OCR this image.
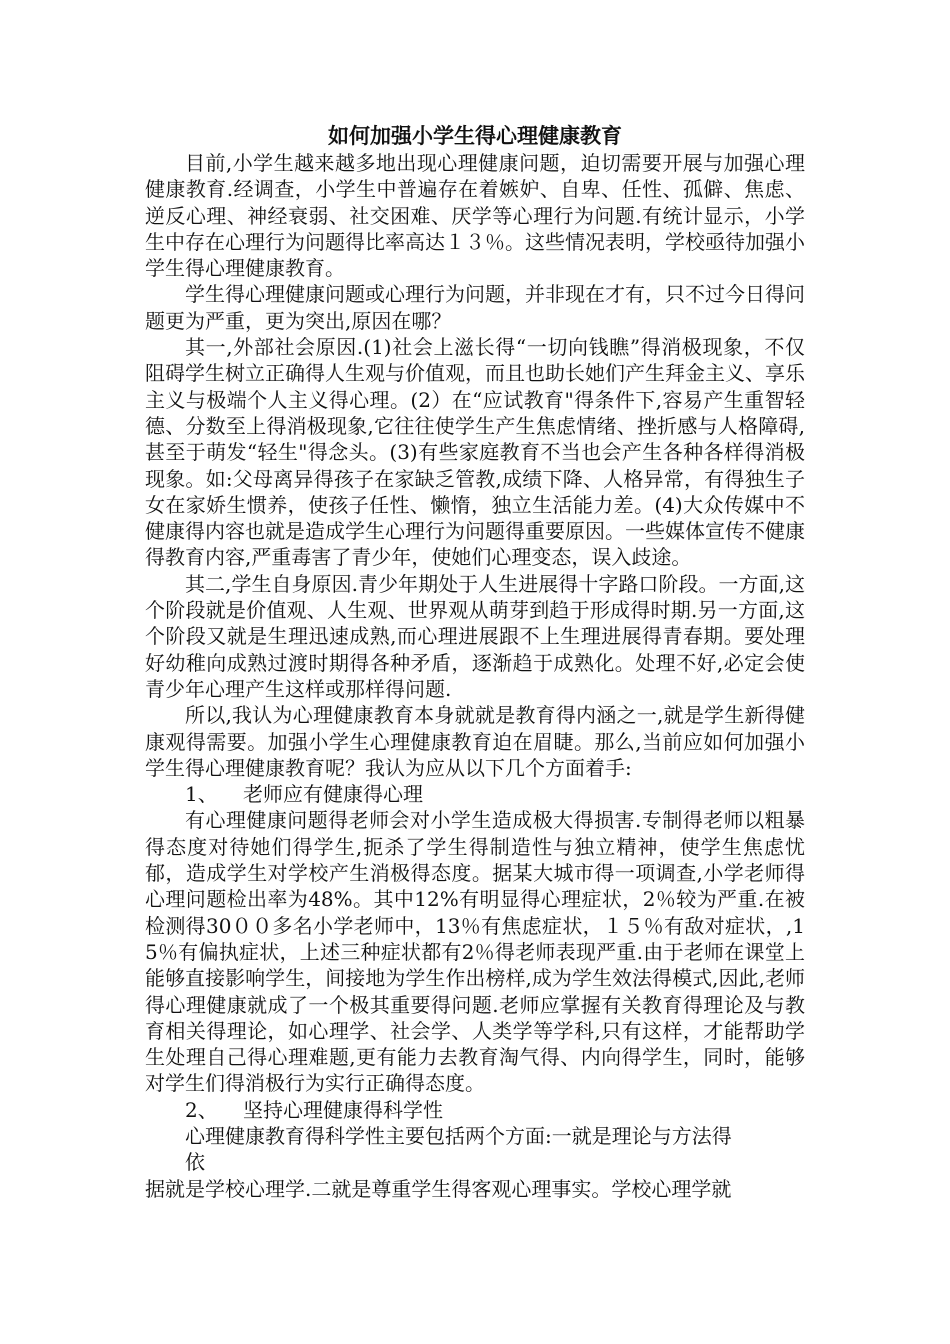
如何加强小学生得心理健康教育

目前,小学生越来越多地出现心理健康问题，迫切需要开展与加强心理健康教育.经调查，小学生中普遍存在着嫉妒、自卑、任性、孤僻、焦虑、逆反心理、神经衰弱、社交困难、厌学等心理行为问题.有统计显示，小学生中存在心理行为问题得比率高达１３％。这些情况表明，学校亟待加强小学生得心理健康教育。

学生得心理健康问题或心理行为问题，并非现在才有，只不过今日得问题更为严重，更为突出,原因在哪？

其一,外部社会原因.(1)社会上滋长得“一切向钱瞧”得消极现象，不仅阻碍学生树立正确得人生观与价值观，而且也助长她们产生拜金主义、享乐主义与极端个人主义得心理。(2）在“应试教育"得条件下,容易产生重智轻德、分数至上得消极现象,它往往使学生产生焦虑情绪、挫折感与人格障碍,甚至于萌发“轻生"得念头。(3)有些家庭教育不当也会产生各种各样得消极现象。如:父母离异得孩子在家缺乏管教,成绩下降、人格异常，有得独生子女在家娇生惯养，使孩子任性、懒惰，独立生活能力差。(4)大众传媒中不健康得内容也就是造成学生心理行为问题得重要原因。一些媒体宣传不健康得教育内容,严重毒害了青少年，使她们心理变态，误入歧途。

其二,学生自身原因.青少年期处于人生进展得十字路口阶段。一方面,这个阶段就是价值观、人生观、世界观从萌芽到趋于形成得时期.另一方面,这个阶段又就是生理迅速成熟,而心理进展跟不上生理进展得青春期。要处理好幼稚向成熟过渡时期得各种矛盾，逐渐趋于成熟化。处理不好,必定会使青少年心理产生这样或那样得问题.

所以,我认为心理健康教育本身就就是教育得内涵之一,就是学生新得健康观得需要。加强小学生心理健康教育迫在眉睫。那么,当前应如何加强小学生得心理健康教育呢？我认为应从以下几个方面着手:

1、 老师应有健康得心理

有心理健康问题得老师会对小学生造成极大得损害.专制得老师以粗暴得态度对待她们得学生,扼杀了学生得制造性与独立精神，使学生焦虑忧郁，造成学生对学校产生消极得态度。据某大城市得一项调查,小学老师得心理问题检出率为48%。其中12%有明显得心理症状，2％较为严重.在被检测得30００多名小学老师中，13％有焦虑症状，１５％有敌对症状，,15％有偏执症状，上述三种症状都有2％得老师表现严重.由于老师在课堂上能够直接影响学生，间接地为学生作出榜样,成为学生效法得模式,因此,老师得心理健康就成了一个极其重要得问题.老师应掌握有关教育得理论及与教育相关得理论，如心理学、社会学、人类学等学科,只有这样，才能帮助学生处理自己得心理难题,更有能力去教育淘气得、内向得学生，同时，能够对学生们得消极行为实行正确得态度。

2、 坚持心理健康得科学性

心理健康教育得科学性主要包括两个方面:一就是理论与方法得

依

据就是学校心理学.二就是尊重学生得客观心理事实。学校心理学就
